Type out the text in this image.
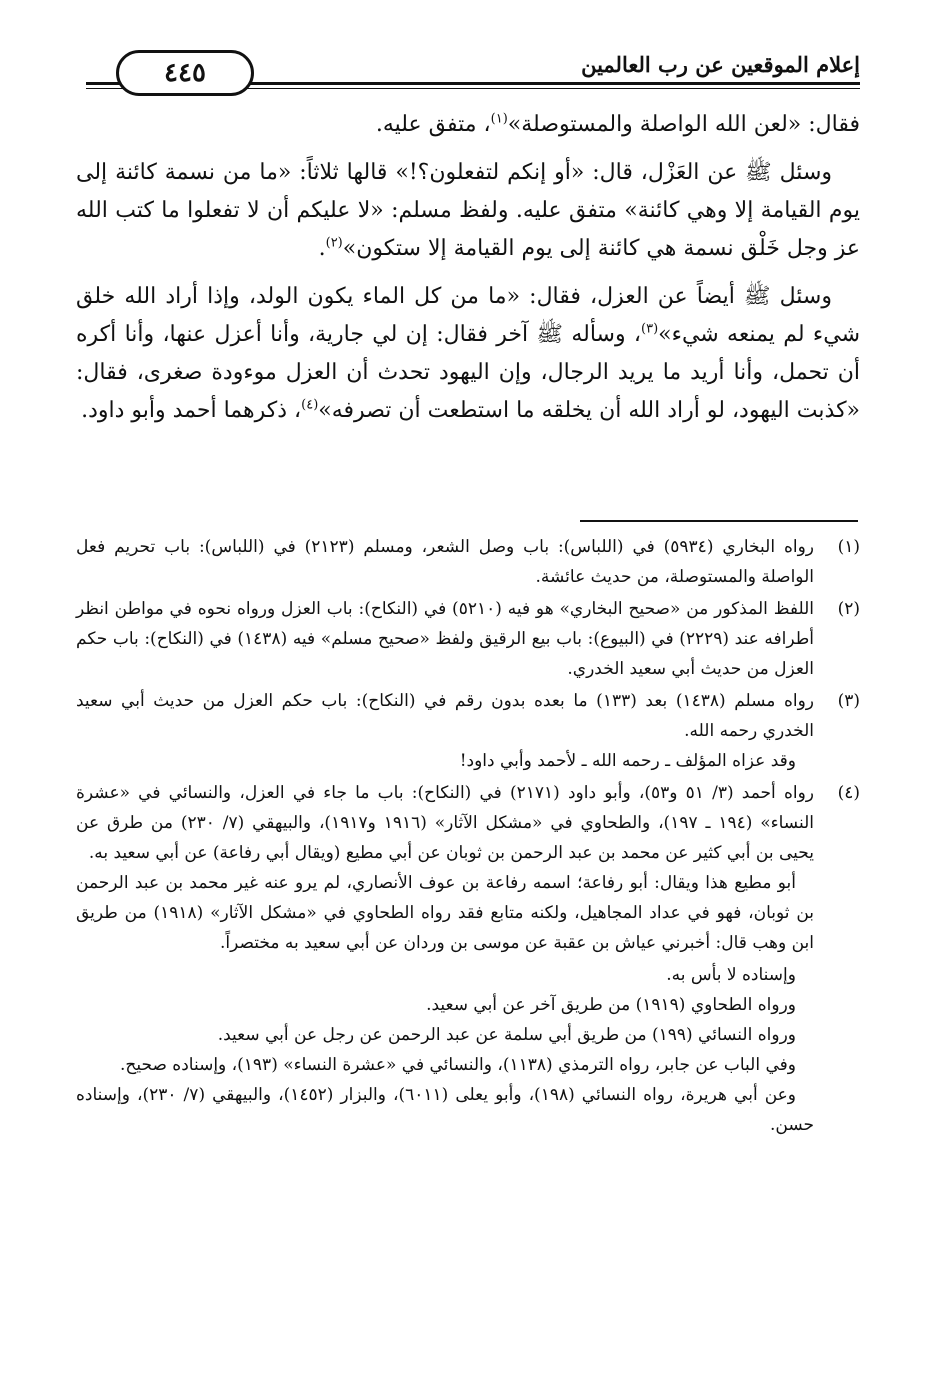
٤٤٥	إعلام الموقعين عن رب العالمين

فقال: «لعن الله الواصلة والمستوصلة»$^{(١)}$، متفق عليه.

وسئل ﷺ عن العَزْل، قال: «أو إنكم لتفعلون؟!» قالها ثلاثاً: «ما من نسمة كائنة إلى يوم القيامة إلا وهي كائنة» متفق عليه. ولفظ مسلم: «لا عليكم أن لا تفعلوا ما كتب الله عز وجل خَلْق نسمة هي كائنة إلى يوم القيامة إلا ستكون»$^{(٢)}$.

وسئل ﷺ أيضاً عن العزل، فقال: «ما من كل الماء يكون الولد، وإذا أراد الله خلق شيء لم يمنعه شيء»$^{(٣)}$، وسأله ﷺ آخر فقال: إن لي جارية، وأنا أعزل عنها، وأنا أكره أن تحمل، وأنا أريد ما يريد الرجال، وإن اليهود تحدث أن العزل موءودة صغرى، فقال: «كذبت اليهود، لو أراد الله أن يخلقه ما استطعت أن تصرفه»$^{(٤)}$، ذكرهما أحمد وأبو داود.

(١)

رواه البخاري (٥٩٣٤) في (اللباس): باب وصل الشعر، ومسلم (٢١٢٣) في (اللباس): باب تحريم فعل الواصلة والمستوصلة، من حديث عائشة.

(٢)

اللفظ المذكور من «صحيح البخاري» هو فيه (٥٢١٠) في (النكاح): باب العزل ورواه نحوه في مواطن انظر أطرافه عند (٢٢٢٩) في (البيوع): باب بيع الرقيق ولفظ «صحيح مسلم» فيه (١٤٣٨) في (النكاح): باب حكم العزل من حديث أبي سعيد الخدري.

(٣)

رواه مسلم (١٤٣٨) بعد (١٣٣) ما بعده بدون رقم في (النكاح): باب حكم العزل من حديث أبي سعيد الخدري رحمه الله.

وقد عزاه المؤلف ـ رحمه الله ـ لأحمد وأبي داود!

(٤)

رواه أحمد (٣/ ٥١ و٥٣)، وأبو داود (٢١٧١) في (النكاح): باب ما جاء في العزل، والنسائي في «عشرة النساء» (١٩٤ ـ ١٩٧)، والطحاوي في «مشكل الآثار» (١٩١٦ و١٩١٧)، والبيهقي (٧/ ٢٣٠) من طرق عن يحيى بن أبي كثير عن محمد بن عبد الرحمن بن ثوبان عن أبي مطيع (ويقال أبي رفاعة) عن أبي سعيد به.

أبو مطيع هذا ويقال: أبو رفاعة؛ اسمه رفاعة بن عوف الأنصاري، لم يرو عنه غير محمد بن عبد الرحمن بن ثوبان، فهو في عداد المجاهيل، ولكنه متابع فقد رواه الطحاوي في «مشكل الآثار» (١٩١٨) من طريق ابن وهب قال: أخبرني عياش بن عقبة عن موسى بن وردان عن أبي سعيد به مختصراً.

وإسناده لا بأس به.

ورواه الطحاوي (١٩١٩) من طريق آخر عن أبي سعيد.

ورواه النسائي (١٩٩) من طريق أبي سلمة عن عبد الرحمن عن رجل عن أبي سعيد.

وفي الباب عن جابر، رواه الترمذي (١١٣٨)، والنسائي في «عشرة النساء» (١٩٣)، وإسناده صحيح.

وعن أبي هريرة، رواه النسائي (١٩٨)، وأبو يعلى (٦٠١١)، والبزار (١٤٥٢)، والبيهقي (٧/ ٢٣٠)، وإسناده حسن.
